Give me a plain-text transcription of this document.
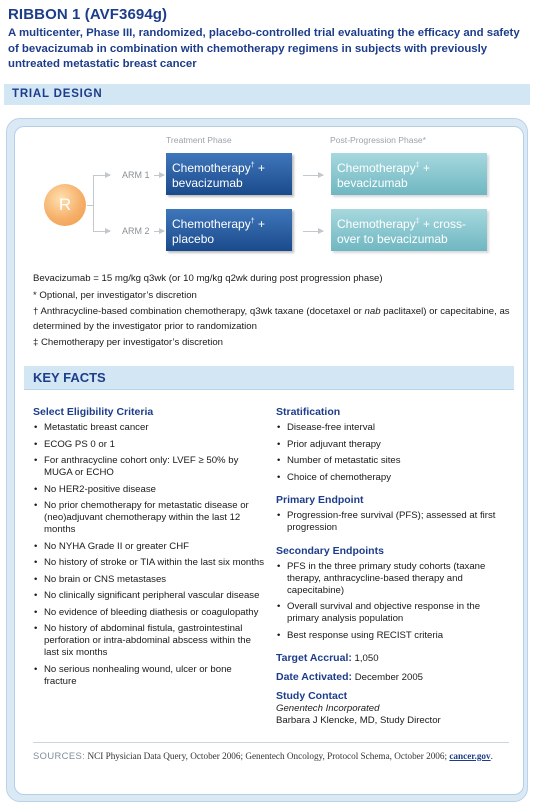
RIBBON 1 (AVF3694g)
A multicenter, Phase III, randomized, placebo-controlled trial evaluating the efficacy and safety of bevacizumab in combination with chemotherapy regimens in subjects with previously untreated metastatic breast cancer
TRIAL DESIGN
Treatment Phase	Post-Progression Phase*
R
ARM 1
ARM 2
Chemotherapy† +
bevacizumab
Chemotherapy† +
placebo
Chemotherapy‡ +
bevacizumab
Chemotherapy‡ + cross-
over to bevacizumab

Bevacizumab = 15 mg/kg q3wk (or 10 mg/kg q2wk during post progression phase)

* Optional, per investigator’s discretion

† Anthracycline-based combination chemotherapy, q3wk taxane (docetaxel or nab paclitaxel) or capecitabine, as determined by the investigator prior to randomization

‡ Chemotherapy per investigator’s discretion

KEY FACTS
Select Eligibility Criteria
• Metastatic breast cancer
• ECOG PS 0 or 1
• For anthracycline cohort only: LVEF ≥ 50% by MUGA or ECHO
• No HER2-positive disease
• No prior chemotherapy for metastatic disease or (neo)adjuvant chemotherapy within the last 12 months
• No NYHA Grade II or greater CHF
• No history of stroke or TIA within the last six months
• No brain or CNS metastases
• No clinically significant peripheral vascular disease
• No evidence of bleeding diathesis or coagulopathy
• No history of abdominal fistula, gastrointestinal perforation or intra-abdominal abscess within the last six months
• No serious nonhealing wound, ulcer or bone fracture
Stratification
• Disease-free interval
• Prior adjuvant therapy
• Number of metastatic sites
• Choice of chemotherapy
Primary Endpoint
• Progression-free survival (PFS); assessed at first progression
Secondary Endpoints
• PFS in the three primary study cohorts (taxane therapy, anthracycline-based therapy and capecitabine)
• Overall survival and objective response in the primary analysis population
• Best response using RECIST criteria
Target Accrual: 1,050
Date Activated: December 2005
Study Contact
Genentech Incorporated
Barbara J Klencke, MD, Study Director
SOURCES: NCI Physician Data Query, October 2006; Genentech Oncology, Protocol Schema, October 2006; cancer.gov.
